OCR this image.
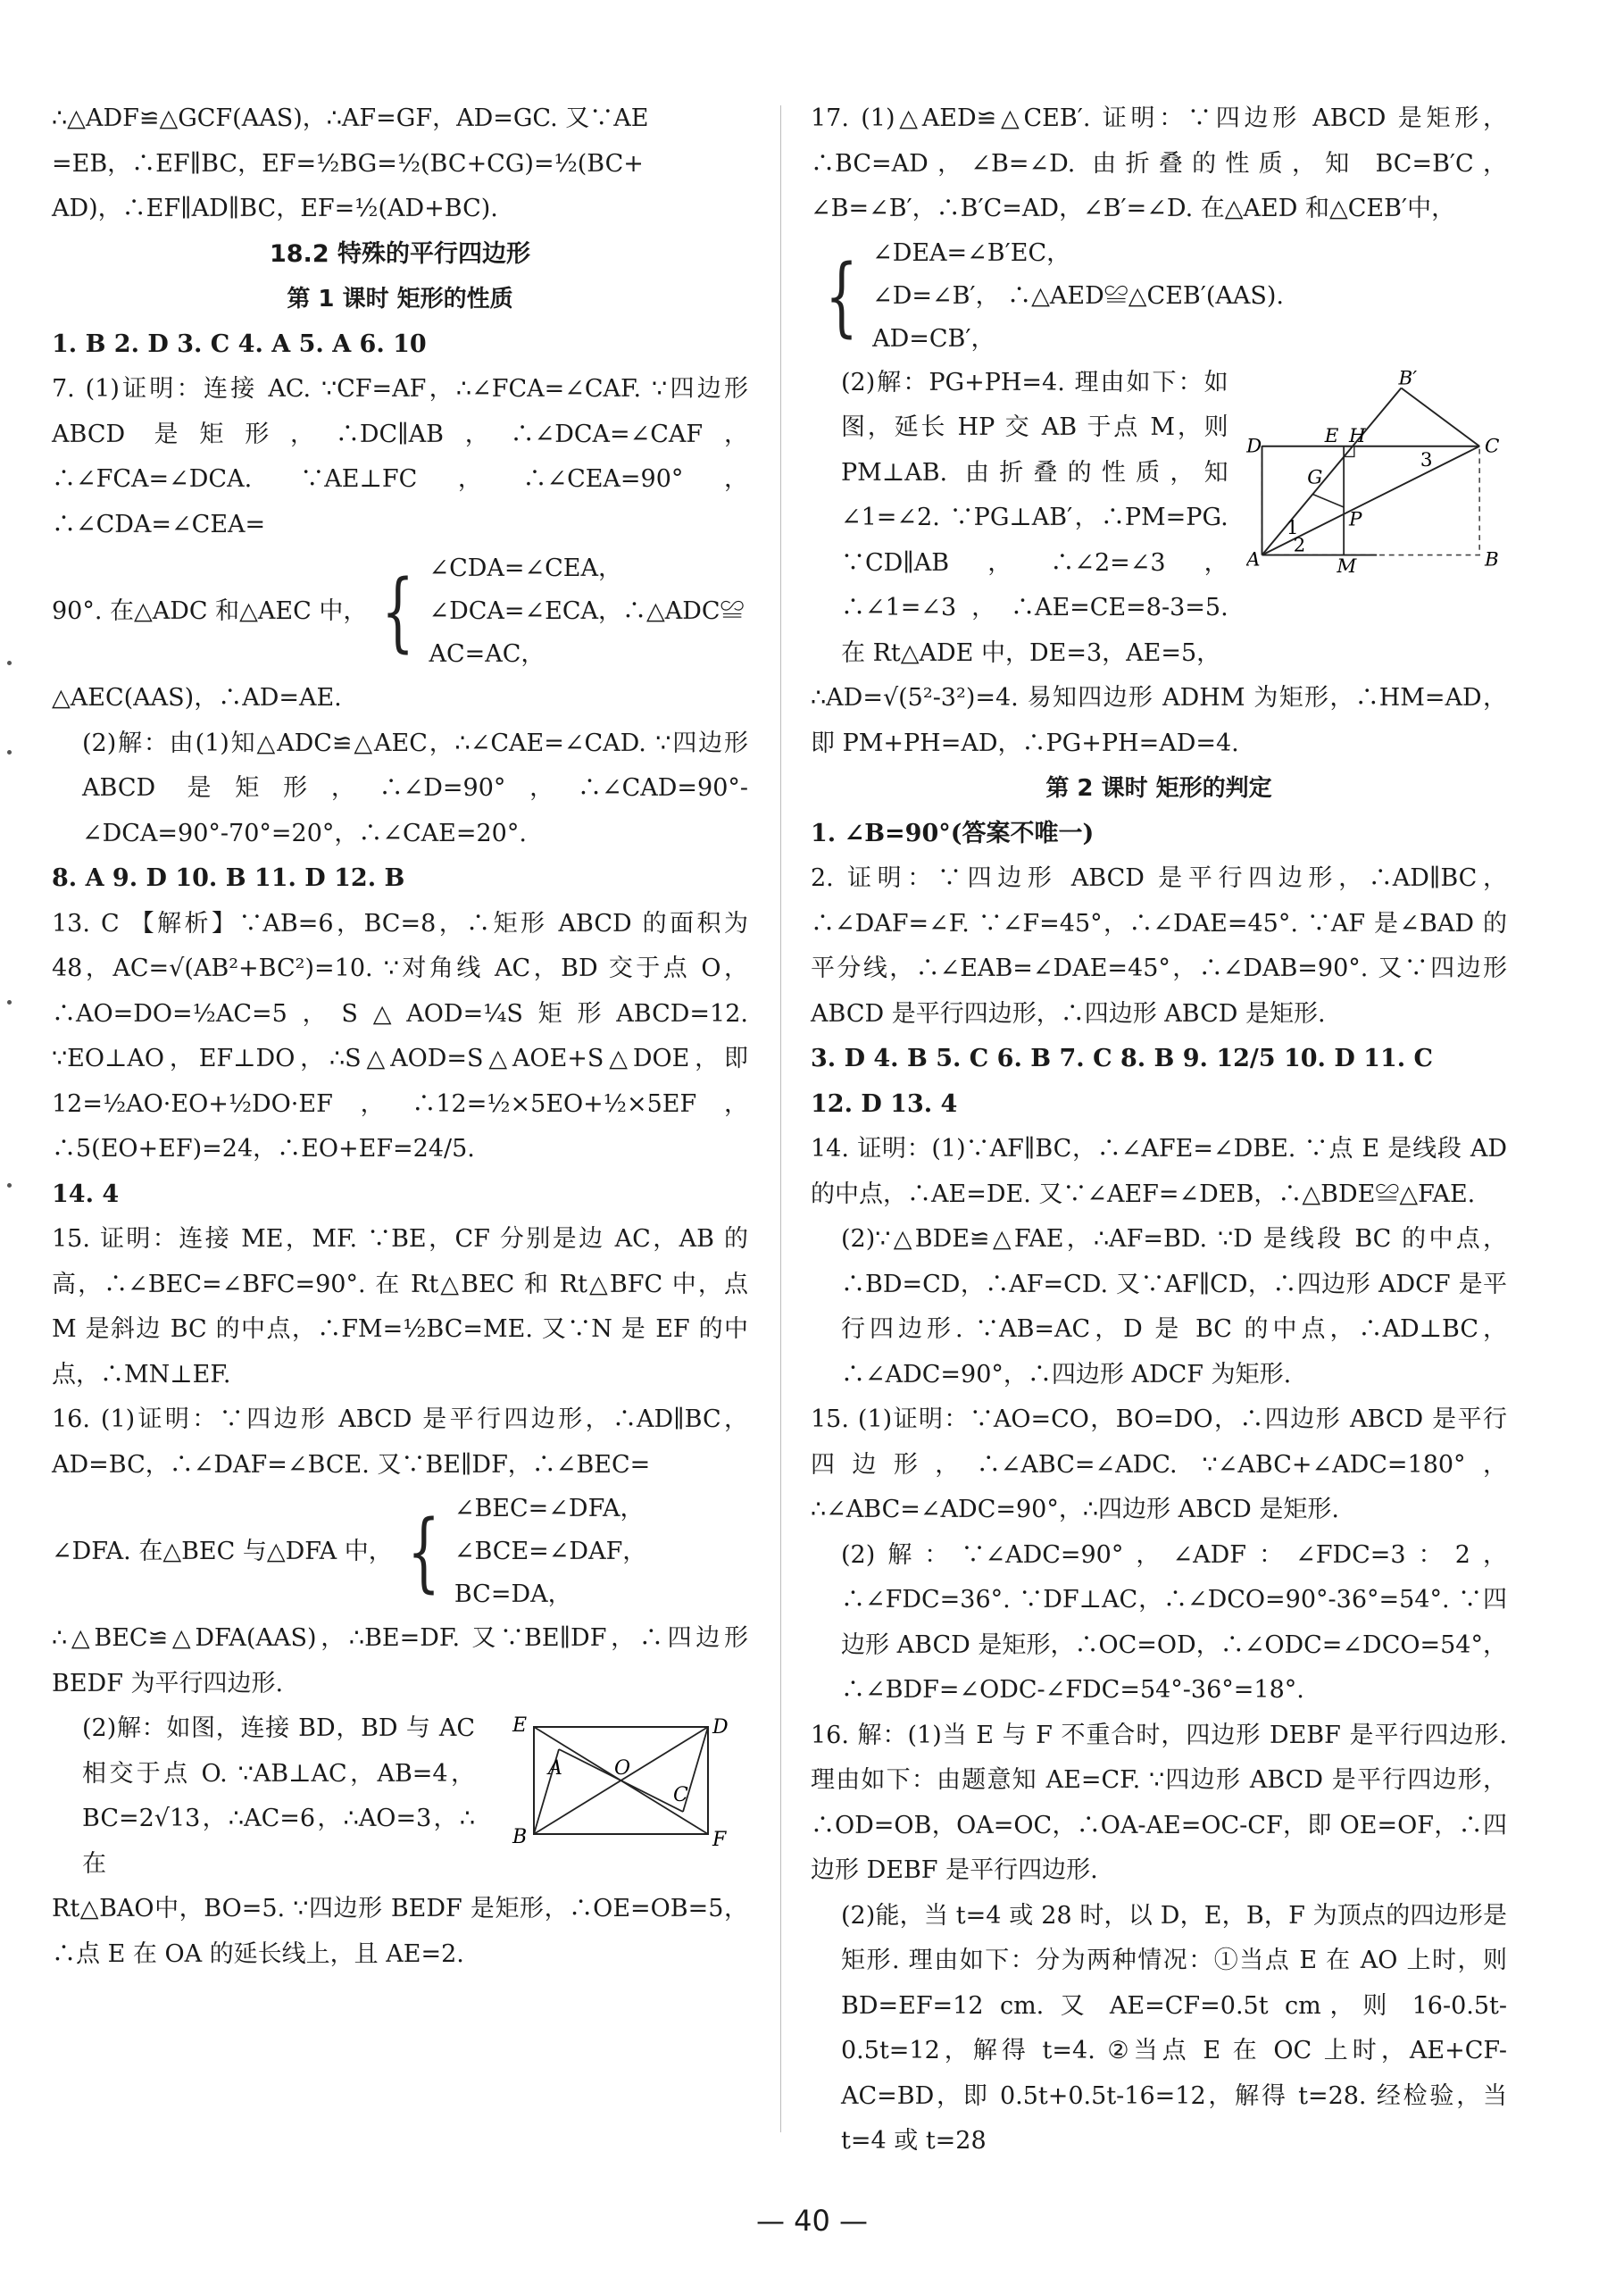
∴△ADF≌△GCF(AAS)，∴AF=GF，AD=GC. 又∵AE

=EB，∴EF∥BC，EF=½BG=½(BC+CG)=½(BC+

AD)，∴EF∥AD∥BC，EF=½(AD+BC).

18.2 特殊的平行四边形

第 1 课时 矩形的性质

1. B 2. D 3. C 4. A 5. A 6. 10

7. (1)证明：连接 AC. ∵CF=AF，∴∠FCA=∠CAF. ∵四边形 ABCD 是矩形，∴DC∥AB，∴∠DCA=∠CAF，∴∠FCA=∠DCA. ∵AE⊥FC，∴∠CEA=90°，∴∠CDA=∠CEA=

90°. 在△ADC 和△AEC 中， { ∠CDA=∠CEA，
∠DCA=∠ECA，∴△ADC≌
AC=AC，

△AEC(AAS)，∴AD=AE.

(2)解：由(1)知△ADC≌△AEC，∴∠CAE=∠CAD. ∵四边形 ABCD 是矩形，∴∠D=90°，∴∠CAD=90°-∠DCA=90°-70°=20°，∴∠CAE=20°.

8. A 9. D 10. B 11. D 12. B

13. C 【解析】∵AB=6，BC=8，∴矩形 ABCD 的面积为 48，AC=√(AB²+BC²)=10. ∵对角线 AC，BD 交于点 O，∴AO=DO=½AC=5，S△AOD=¼S矩形ABCD=12. ∵EO⊥AO，EF⊥DO，∴S△AOD=S△AOE+S△DOE，即 12=½AO·EO+½DO·EF，∴12=½×5EO+½×5EF，∴5(EO+EF)=24，∴EO+EF=24/5.

14. 4

15. 证明：连接 ME，MF. ∵BE，CF 分别是边 AC，AB 的高，∴∠BEC=∠BFC=90°. 在 Rt△BEC 和 Rt△BFC 中，点 M 是斜边 BC 的中点，∴FM=½BC=ME. 又∵N 是 EF 的中点，∴MN⊥EF.

16. (1)证明：∵四边形 ABCD 是平行四边形，∴AD∥BC，AD=BC，∴∠DAF=∠BCE. 又∵BE∥DF，∴∠BEC=

∠DFA. 在△BEC 与△DFA 中， { ∠BEC=∠DFA，
∠BCE=∠DAF，
BC=DA，

∴△BEC≌△DFA(AAS)，∴BE=DF. 又∵BE∥DF，∴四边形 BEDF 为平行四边形.

(2)解：如图，连接 BD，BD 与 AC 相交于点 O. ∵AB⊥AC，AB=4，BC=2√13，∴AC=6，∴AO=3，∴在

E	D
A	O
C
B	F

Rt△BAO中，BO=5. ∵四边形 BEDF 是矩形，∴OE=OB=5，∴点 E 在 OA 的延长线上，且 AE=2.

17. (1)△AED≌△CEB′. 证明：∵四边形 ABCD 是矩形，∴BC=AD，∠B=∠D. 由折叠的性质，知 BC=B′C，∠B=∠B′，∴B′C=AD，∠B′=∠D. 在△AED 和△CEB′中，

{ ∠DEA=∠B′EC，
∠D=∠B′， ∴△AED≌△CEB′(AAS).
AD=CB′，

(2)解：PG+PH=4. 理由如下：如图，延长 HP 交 AB 于点 M，则 PM⊥AB. 由折叠的性质，知∠1=∠2. ∵PG⊥AB′，∴PM=PG. ∵CD∥AB，∴∠2=∠3，∴∠1=∠3，∴AE=CE=8-3=5. 在 Rt△ADE 中，DE=3，AE=5，

B′
D	E H	C
G
3
1
2
P
A	M	B

∴AD=√(5²-3²)=4. 易知四边形 ADHM 为矩形，∴HM=AD，即 PM+PH=AD，∴PG+PH=AD=4.

第 2 课时 矩形的判定

1. ∠B=90°(答案不唯一)

2. 证明：∵四边形 ABCD 是平行四边形，∴AD∥BC，∴∠DAF=∠F. ∵∠F=45°，∴∠DAE=45°. ∵AF 是∠BAD 的平分线，∴∠EAB=∠DAE=45°，∴∠DAB=90°. 又∵四边形 ABCD 是平行四边形，∴四边形 ABCD 是矩形.

3. D 4. B 5. C 6. B 7. C 8. B 9. 12/5 10. D 11. C

12. D 13. 4

14. 证明：(1)∵AF∥BC，∴∠AFE=∠DBE. ∵点 E 是线段 AD 的中点，∴AE=DE. 又∵∠AEF=∠DEB，∴△BDE≌△FAE.

(2)∵△BDE≌△FAE，∴AF=BD. ∵D 是线段 BC 的中点，∴BD=CD，∴AF=CD. 又∵AF∥CD，∴四边形 ADCF 是平行四边形. ∵AB=AC，D 是 BC 的中点，∴AD⊥BC，∴∠ADC=90°，∴四边形 ADCF 为矩形.

15. (1)证明：∵AO=CO，BO=DO，∴四边形 ABCD 是平行四边形，∴∠ABC=∠ADC. ∵∠ABC+∠ADC=180°，∴∠ABC=∠ADC=90°，∴四边形 ABCD 是矩形.

(2)解：∵∠ADC=90°，∠ADF：∠FDC=3：2，∴∠FDC=36°. ∵DF⊥AC，∴∠DCO=90°-36°=54°. ∵四边形 ABCD 是矩形，∴OC=OD，∴∠ODC=∠DCO=54°，∴∠BDF=∠ODC-∠FDC=54°-36°=18°.

16. 解：(1)当 E 与 F 不重合时，四边形 DEBF 是平行四边形. 理由如下：由题意知 AE=CF. ∵四边形 ABCD 是平行四边形，∴OD=OB，OA=OC，∴OA-AE=OC-CF，即 OE=OF，∴四边形 DEBF 是平行四边形.

(2)能，当 t=4 或 28 时，以 D，E，B，F 为顶点的四边形是矩形. 理由如下：分为两种情况：①当点 E 在 AO 上时，则 BD=EF=12 cm. 又 AE=CF=0.5t cm，则 16-0.5t-0.5t=12，解得 t=4. ②当点 E 在 OC 上时，AE+CF-AC=BD，即 0.5t+0.5t-16=12，解得 t=28. 经检验，当 t=4 或 t=28

— 40 —
